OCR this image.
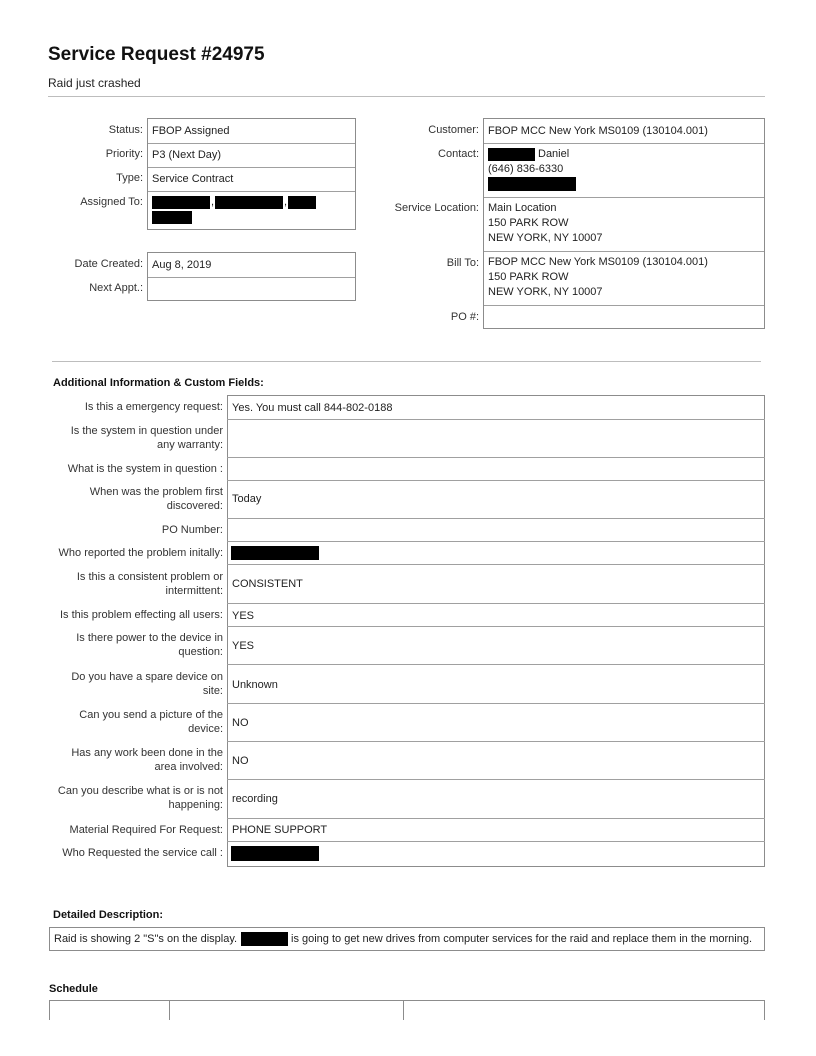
Service Request #24975
Raid just crashed
Status:
Priority:
Type:
Assigned To:
FBOP Assigned
P3 (Next Day)
Service Contract
,	,
Date Created:
Next Appt.:
Aug 8, 2019
Customer:
Contact:
Service Location:
Bill To:
PO #:
FBOP MCC New York MS0109 (130104.001)
Daniel
(646) 836-6330
Main Location
150 PARK ROW
NEW YORK, NY 10007
FBOP MCC New York MS0109 (130104.001)
150 PARK ROW
NEW YORK, NY 10007
Additional Information & Custom Fields:
Is this a emergency request: Yes. You must call 844-802-0188
Is the system in question under any warranty:
What is the system in question :
When was the problem first discovered:
Today
PO Number:
Who reported the problem initally:
Is this a consistent problem or intermittent:
CONSISTENT
Is this problem effecting all users: YES
Is there power to the device in question: YES
Do you have a spare device on site: Unknown
Can you send a picture of the device: NO
Has any work been done in the area involved: NO
Can you describe what is or is not happening: recording
Material Required For Request: PHONE SUPPORT
Who Requested the service call :
Detailed Description:
Raid is showing 2 "S"s on the display.	is going to get new drives from computer services for the raid and replace them in the morning.
Schedule
